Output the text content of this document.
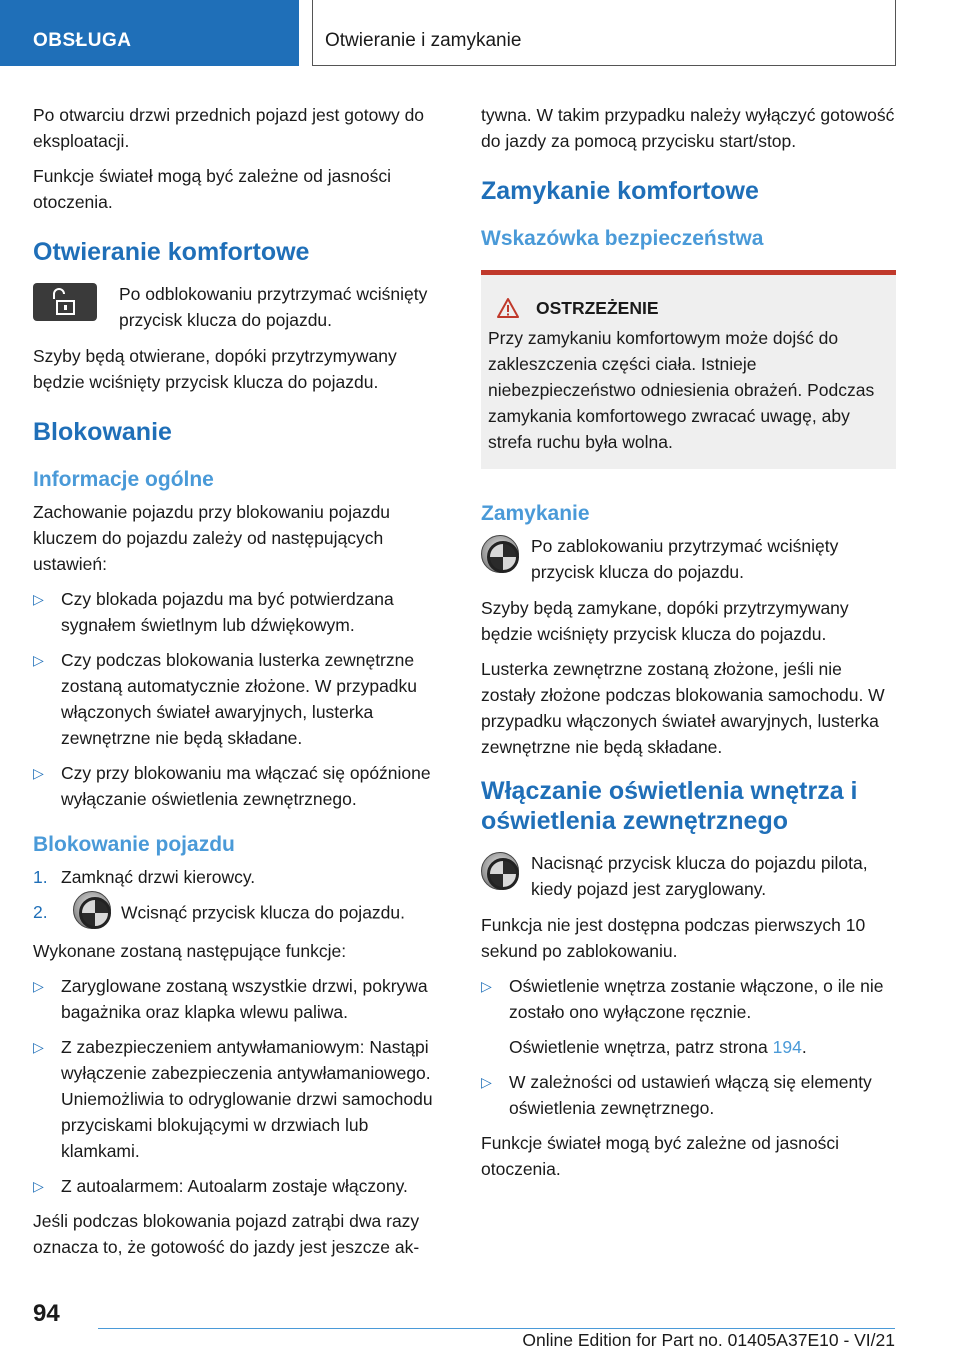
OBSŁUGA	Otwieranie i zamykanie

Po otwarciu drzwi przednich pojazd jest gotowy do eksploatacji.

Funkcje świateł mogą być zależne od jasności otoczenia.

Otwieranie komfortowe
Po odblokowaniu przytrzymać wciśnięty przycisk klucza do pojazdu.

Szyby będą otwierane, dopóki przytrzymywany będzie wciśnięty przycisk klucza do pojazdu.

Blokowanie
Informacje ogólne

Zachowanie pojazdu przy blokowaniu pojazdu kluczem do pojazdu zależy od następujących ustawień:

▷ Czy blokada pojazdu ma być potwierdzana sygnałem świetlnym lub dźwiękowym.
▷ Czy podczas blokowania lusterka zewnętrzne zostaną automatycznie złożone. W przypadku włączonych świateł awaryjnych, lusterka zewnętrzne nie będą składane.
▷ Czy przy blokowaniu ma włączać się opóźnione wyłączanie oświetlenia zewnętrznego.
Blokowanie pojazdu
1. Zamknąć drzwi kierowcy.
2.	Wcisnąć przycisk klucza do pojazdu.

Wykonane zostaną następujące funkcje:

▷ Zaryglowane zostaną wszystkie drzwi, pokrywa bagażnika oraz klapka wlewu paliwa.
▷ Z zabezpieczeniem antywłamaniowym: Nastąpi wyłączenie zabezpieczenia antywłamaniowego. Uniemożliwia to odryglowanie drzwi samochodu przyciskami blokującymi w drzwiach lub klamkami.
▷ Z autoalarmem: Autoalarm zostaje włączony.

Jeśli podczas blokowania pojazd zatrąbi dwa razy oznacza to, że gotowość do jazdy jest jeszcze ak-

tywna. W takim przypadku należy wyłączyć gotowość do jazdy za pomocą przycisku start/stop.

Zamykanie komfortowe
Wskazówka bezpieczeństwa
OSTRZEŻENIE

Przy zamykaniu komfortowym może dojść do zakleszczenia części ciała. Istnieje niebezpieczeństwo odniesienia obrażeń. Podczas zamykania komfortowego zwracać uwagę, aby strefa ruchu była wolna.

Zamykanie
Po zablokowaniu przytrzymać wciśnięty przycisk klucza do pojazdu.

Szyby będą zamykane, dopóki przytrzymywany będzie wciśnięty przycisk klucza do pojazdu.

Lusterka zewnętrzne zostaną złożone, jeśli nie zostały złożone podczas blokowania samochodu. W przypadku włączonych świateł awaryjnych, lusterka zewnętrzne nie będą składane.

Włączanie oświetlenia wnętrza i oświetlenia zewnętrznego
Nacisnąć przycisk klucza do pojazdu pilota, kiedy pojazd jest zaryglowany.

Funkcja nie jest dostępna podczas pierwszych 10 sekund po zablokowaniu.

▷ Oświetlenie wnętrza zostanie włączone, o ile nie zostało ono wyłączone ręcznie.
Oświetlenie wnętrza, patrz strona 194.
▷ W zależności od ustawień włączą się elementy oświetlenia zewnętrznego.

Funkcje świateł mogą być zależne od jasności otoczenia.

94
Online Edition for Part no. 01405A37E10 - VI/21
